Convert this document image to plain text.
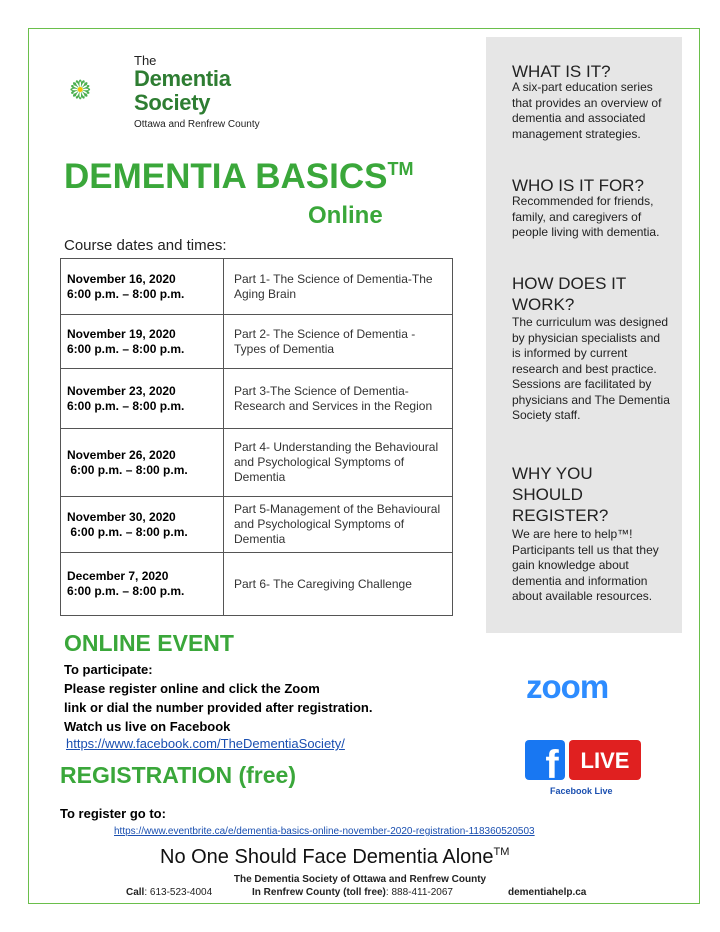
The
Dementia
Society
Ottawa and Renfrew County
DEMENTIA BASICS™
Online
Course dates and times:
November 16, 2020
6:00 p.m. – 8:00 p.m.	Part 1- The Science of Dementia-The Aging Brain
November 19, 2020
6:00 p.m. – 8:00 p.m.	Part 2- The Science of Dementia - Types of Dementia
November 23, 2020
6:00 p.m. – 8:00 p.m.	Part 3-The Science of Dementia-Research and Services in the Region
November 26, 2020
6:00 p.m. – 8:00 p.m.	Part 4- Understanding the Behavioural and Psychological Symptoms of Dementia
November 30, 2020
6:00 p.m. – 8:00 p.m.	Part 5-Management of the Behavioural and Psychological Symptoms of Dementia
December 7, 2020
6:00 p.m. – 8:00 p.m.	Part 6- The Caregiving Challenge
WHAT IS IT?
A six-part education series that provides an overview of dementia and associated management strategies.
WHO IS IT FOR?
Recommended for friends, family, and caregivers of people living with dementia.
HOW DOES IT WORK?
The curriculum was designed by physician specialists and is informed by current research and best practice. Sessions are facilitated by physicians and The Dementia Society staff.
WHY YOU SHOULD REGISTER?
We are here to help™! Participants tell us that they gain knowledge about dementia and information about available resources.
ONLINE EVENT
To participate:
Please register online and click the Zoom
link or dial the number provided after registration.
Watch us live on Facebook
https://www.facebook.com/TheDementiaSociety/
zoom
f LIVE
Facebook Live
REGISTRATION (free)
To register go to:
https://www.eventbrite.ca/e/dementia-basics-online-november-2020-registration-118360520503
No One Should Face Dementia Alone™
The Dementia Society of Ottawa and Renfrew County
Call: 613-523-4004	In Renfrew County (toll free): 888-411-2067	dementiahelp.ca
